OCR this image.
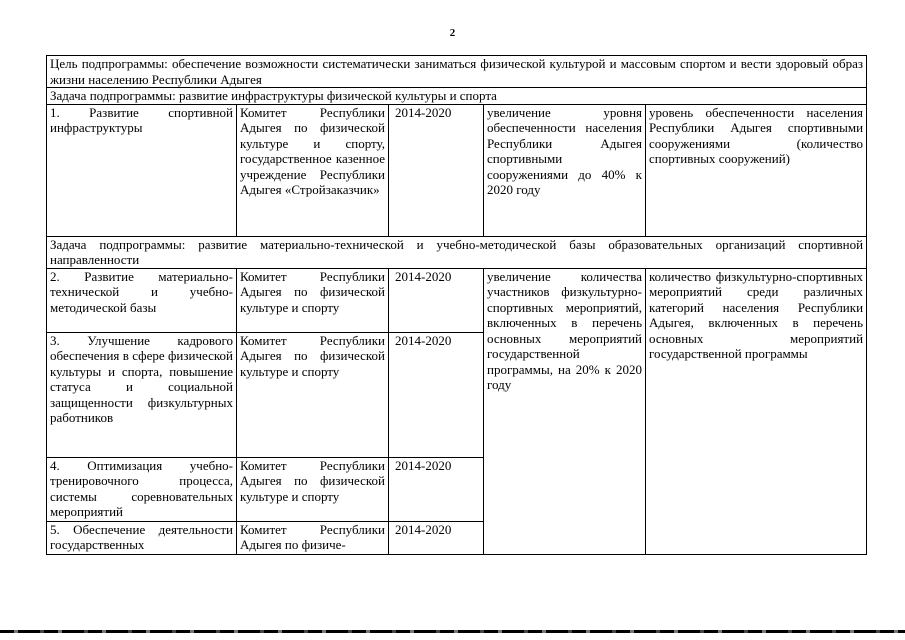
2
Цель подпрограммы: обеспечение возможности систематически заниматься физической культурой и массовым спортом и вести здоровый образ жизни населению Республики Адыгея				
Задача подпрограммы: развитие инфраструктуры физической культуры и спорта				
1. Развитие спортивной инфраструктуры	Комитет Республики Адыгея по физической культуре и спорту, государственное казенное учреждение Республики Адыгея «Стройзаказчик»	2014-2020	увеличение уровня обеспеченности населения Республики Адыгея спортивными сооружениями до 40% к 2020 году	уровень обеспеченности населения Республики Адыгея спортивными сооружениями (количество спортивных сооружений)
Задача подпрограммы: развитие материально-технической и учебно-методической базы образовательных организаций спортивной направленности				
2. Развитие материально-технической и учебно-методической базы	Комитет Республики Адыгея по физической культуре и спорту	2014-2020	увеличение количества участников физкультурно-спортивных мероприятий, включенных в перечень основных мероприятий государственной программы, на 20% к 2020 году	количество физкультурно-спортивных мероприятий среди различных категорий населения Республики Адыгея, включенных в перечень основных мероприятий государственной программы
3. Улучшение кадрового обеспечения в сфере физической культуры и спорта, повышение статуса и социальной защищенности физкультурных работников	Комитет Республики Адыгея по физической культуре и спорту	2014-2020		
4. Оптимизация учебно-тренировочного процесса, системы соревновательных мероприятий	Комитет Республики Адыгея по физической культуре и спорту	2014-2020		
5. Обеспечение деятельности государственных	Комитет Республики Адыгея по физиче-	2014-2020		
